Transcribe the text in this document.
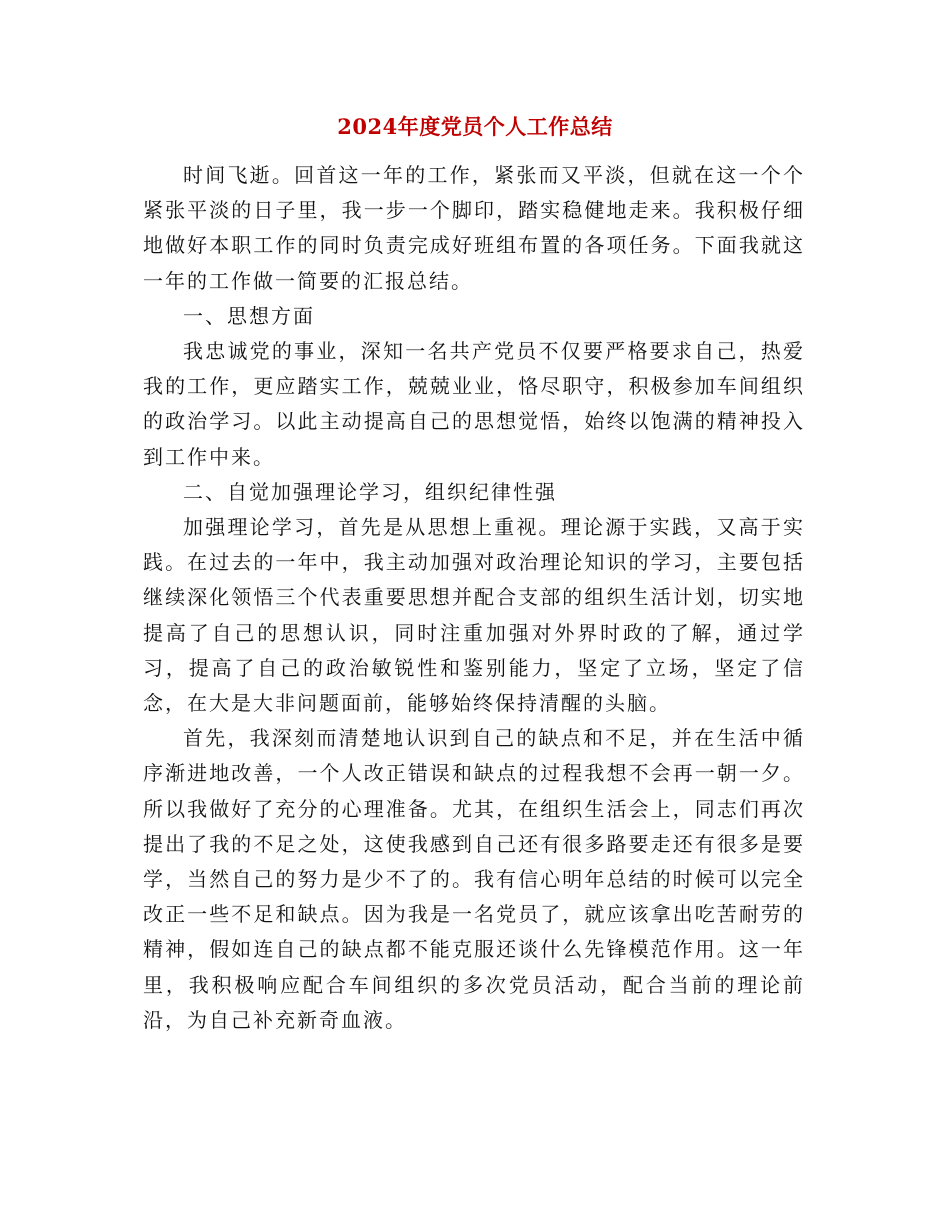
2024年度党员个人工作总结

时间飞逝。回首这一年的工作，紧张而又平淡，但就在这一个个紧张平淡的日子里，我一步一个脚印，踏实稳健地走来。我积极仔细地做好本职工作的同时负责完成好班组布置的各项任务。下面我就这一年的工作做一简要的汇报总结。

一、思想方面

我忠诚党的事业，深知一名共产党员不仅要严格要求自己，热爱我的工作，更应踏实工作，兢兢业业，恪尽职守，积极参加车间组织的政治学习。以此主动提高自己的思想觉悟，始终以饱满的精神投入到工作中来。

二、自觉加强理论学习，组织纪律性强

加强理论学习，首先是从思想上重视。理论源于实践，又高于实践。在过去的一年中，我主动加强对政治理论知识的学习，主要包括继续深化领悟三个代表重要思想并配合支部的组织生活计划，切实地提高了自己的思想认识，同时注重加强对外界时政的了解，通过学习，提高了自己的政治敏锐性和鉴别能力，坚定了立场，坚定了信念，在大是大非问题面前，能够始终保持清醒的头脑。

首先，我深刻而清楚地认识到自己的缺点和不足，并在生活中循序渐进地改善，一个人改正错误和缺点的过程我想不会再一朝一夕。所以我做好了充分的心理准备。尤其，在组织生活会上，同志们再次提出了我的不足之处，这使我感到自己还有很多路要走还有很多是要学，当然自己的努力是少不了的。我有信心明年总结的时候可以完全改正一些不足和缺点。因为我是一名党员了，就应该拿出吃苦耐劳的精神，假如连自己的缺点都不能克服还谈什么先锋模范作用。这一年里，我积极响应配合车间组织的多次党员活动，配合当前的理论前沿，为自己补充新奇血液。
